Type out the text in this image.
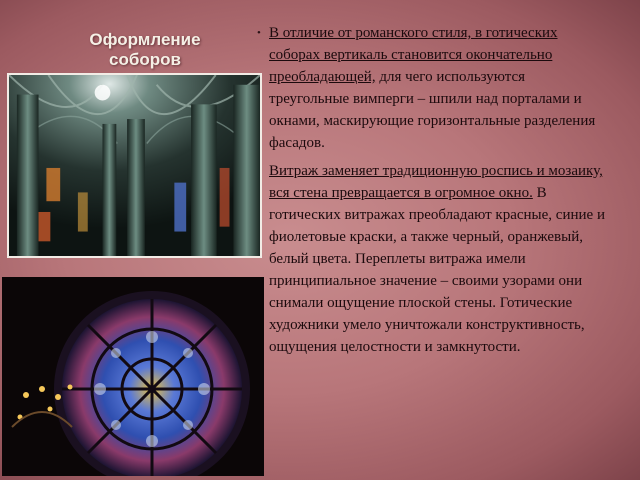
Оформление соборов

• В отличие от романского стиля, в готических соборах вертикаль становится окончательно преобладающей, для чего используются треугольные вимперги – шпили над порталами и окнами, маскирующие горизонтальные разделения фасадов.

Витраж заменяет традиционную роспись и мозаику, вся стена превращается в огромное окно. В готических витражах преобладают красные, синие и фиолетовые краски, а также черный, оранжевый, белый цвета. Переплеты витража имели принципиальное значение – своими узорами они снимали ощущение плоской стены. Готические художники умело уничтожали конструктивность, ощущения целостности и замкнутости.
